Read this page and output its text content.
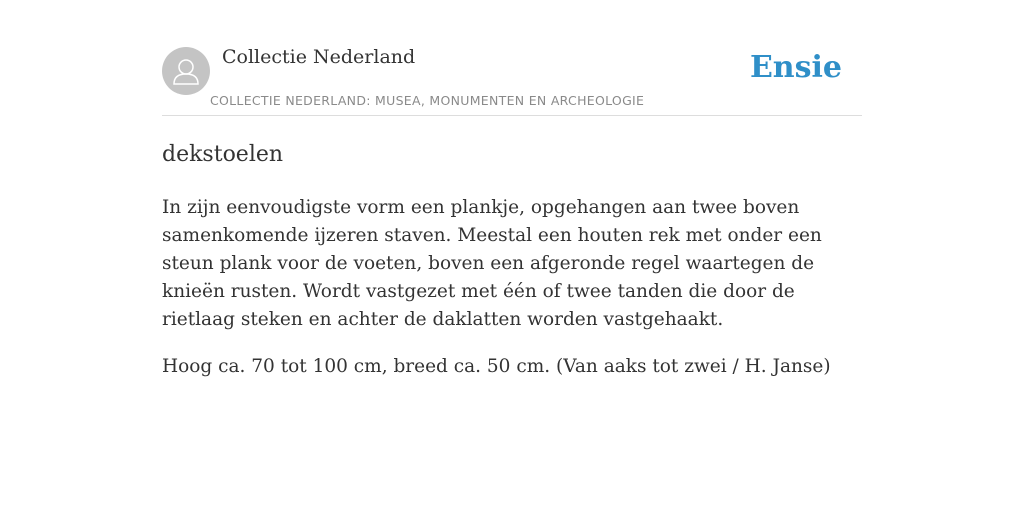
Collectie Nederland
COLLECTIE NEDERLAND: MUSEA, MONUMENTEN EN ARCHEOLOGIE
Ensie
dekstoelen

In zijn eenvoudigste vorm een plankje, opgehangen aan twee boven samenkomende ijzeren staven. Meestal een houten rek met onder een steun plank voor de voeten, boven een afgeronde regel waartegen de knieën rusten. Wordt vastgezet met één of twee tanden die door de rietlaag steken en achter de daklatten worden vastgehaakt.

Hoog ca. 70 tot 100 cm, breed ca. 50 cm. (Van aaks tot zwei / H. Janse)
